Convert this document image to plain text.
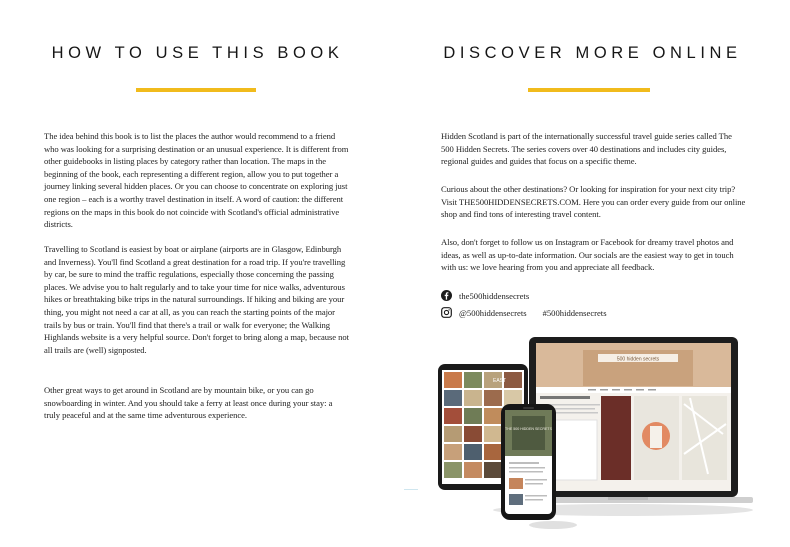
HOW TO USE THIS BOOK

The idea behind this book is to list the places the author would recommend to a friend who was looking for a surprising destination or an unusual experience. It is different from other guidebooks in listing places by category rather than location. The maps in the beginning of the book, each representing a different region, allow you to put together a journey linking several hidden places. Or you can choose to concentrate on exploring just one region – each is a worthy travel destination in itself. A word of caution: the different regions on the maps in this book do not coincide with Scotland's official administrative districts.

Travelling to Scotland is easiest by boat or airplane (airports are in Glasgow, Edinburgh and Inverness). You'll find Scotland a great destination for a road trip. If you're travelling by car, be sure to mind the traffic regulations, especially those concerning the passing places. We advise you to halt regularly and to take your time for nice walks, adventurous hikes or breathtaking bike trips in the natural surroundings. If hiking and biking are your thing, you might not need a car at all, as you can reach the starting points of the major trails by bus or train. You'll find that there's a trail or walk for everyone; the Walking Highlands website is a very helpful source. Don't forget to bring along a map, because not all trails are (well) signposted.

Other great ways to get around in Scotland are by mountain bike, or you can go snowboarding in winter. And you should take a ferry at least once during your stay: a truly peaceful and at the same time adventurous experience.

DISCOVER MORE ONLINE

Hidden Scotland is part of the internationally successful travel guide series called The 500 Hidden Secrets. The series covers over 40 destinations and includes city guides, regional guides and guides that focus on a specific theme.

Curious about the other destinations? Or looking for inspiration for your next city trip? Visit THE500HIDDENSECRETS.COM. Here you can order every guide from our online shop and find tons of interesting travel content.

Also, don't forget to follow us on Instagram or Facebook for dreamy travel photos and ideas, as well as up-to-date information. Our socials are the easiest way to get in touch with us: we love hearing from you and appreciate all feedback.

the500hiddensecrets
@500hiddensecrets #500hiddensecrets
500 hidden secrets
EAST
THE 500 HIDDEN SECRETS
